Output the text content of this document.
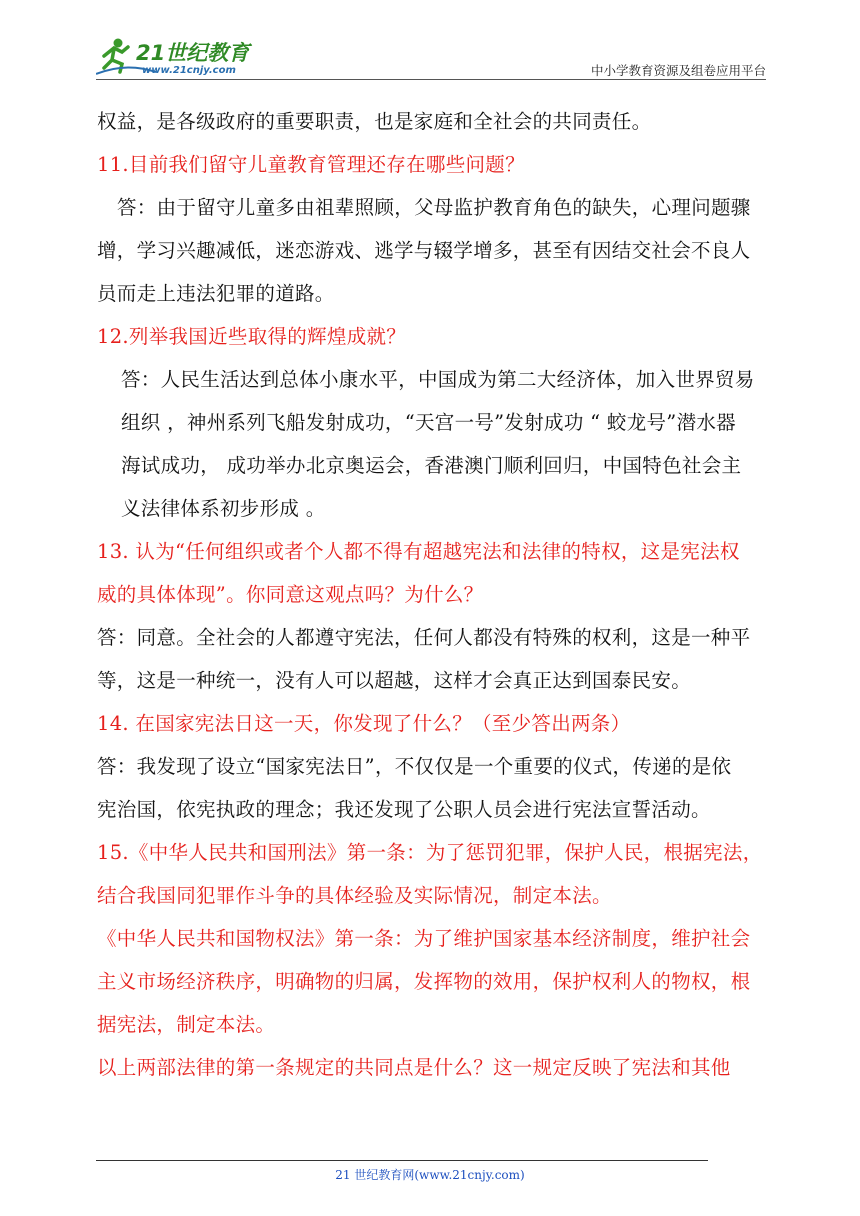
21世纪教育
www.21cnjy.com	中小学教育资源及组卷应用平台

权益，是各级政府的重要职责，也是家庭和全社会的共同责任。

11.目前我们留守儿童教育管理还存在哪些问题？

答：由于留守儿童多由祖辈照顾，父母监护教育角色的缺失，心理问题骤

增，学习兴趣减低，迷恋游戏、逃学与辍学增多，甚至有因结交社会不良人

员而走上违法犯罪的道路。

12.列举我国近些取得的辉煌成就？

答：人民生活达到总体小康水平，中国成为第二大经济体，加入世界贸易

组织 ，神州系列飞船发射成功，“天宫一号”发射成功 “ 蛟龙号”潜水器

海试成功， 成功举办北京奥运会，香港澳门顺利回归，中国特色社会主

义法律体系初步形成 。

13. 认为“任何组织或者个人都不得有超越宪法和法律的特权，这是宪法权

威的具体体现”。你同意这观点吗？为什么？

答：同意。全社会的人都遵守宪法，任何人都没有特殊的权利，这是一种平

等，这是一种统一，没有人可以超越，这样才会真正达到国泰民安。

14. 在国家宪法日这一天，你发现了什么？（至少答出两条）

答：我发现了设立“国家宪法日”，不仅仅是一个重要的仪式，传递的是依

宪治国，依宪执政的理念；我还发现了公职人员会进行宪法宣誓活动。

15.《中华人民共和国刑法》第一条：为了惩罚犯罪，保护人民，根据宪法，

结合我国同犯罪作斗争的具体经验及实际情况，制定本法。

《中华人民共和国物权法》第一条：为了维护国家基本经济制度，维护社会

主义市场经济秩序，明确物的归属，发挥物的效用，保护权利人的物权，根

据宪法，制定本法。

以上两部法律的第一条规定的共同点是什么？这一规定反映了宪法和其他

21 世纪教育网(www.21cnjy.com)
